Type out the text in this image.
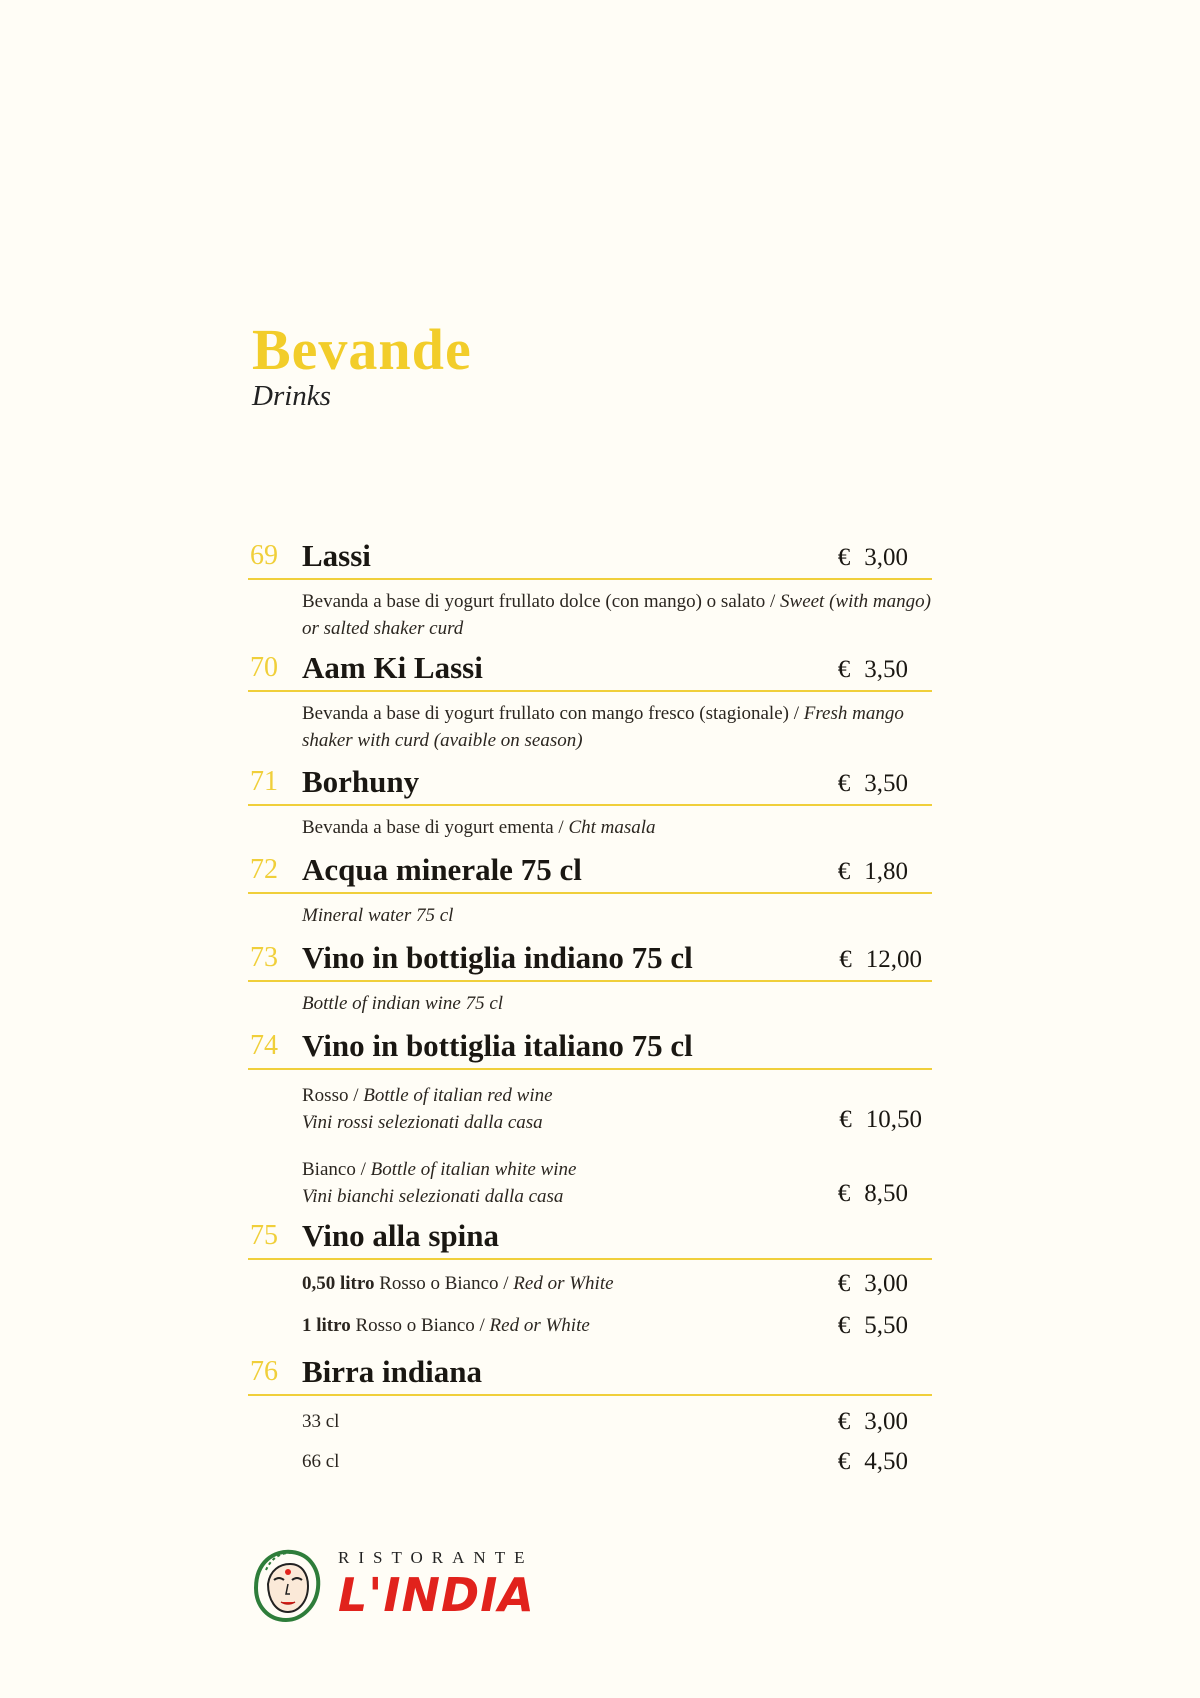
Bevande
Drinks
69 Lassi	€ 3,00
Bevanda a base di yogurt frullato dolce (con mango) o salato / Sweet (with mango) or salted shaker curd
70 Aam Ki Lassi	€ 3,50
Bevanda a base di yogurt frullato con mango fresco (stagionale) / Fresh mango shaker with curd (avaible on season)
71 Borhuny	€ 3,50
Bevanda a base di yogurt ementa / Cht masala
72 Acqua minerale 75 cl	€ 1,80
Mineral water 75 cl
73 Vino in bottiglia indiano 75 cl	€ 12,00
Bottle of indian wine 75 cl
74 Vino in bottiglia italiano 75 cl
Rosso / Bottle of italian red wine
Vini rossi selezionati dalla casa	€ 10,50
Bianco / Bottle of italian white wine
Vini bianchi selezionati dalla casa	€ 8,50
75 Vino alla spina
0,50 litro Rosso o Bianco / Red or White	€ 3,00
1 litro Rosso o Bianco / Red or White	€ 5,50
76 Birra indiana
33 cl	€ 3,00
66 cl	€ 4,50
RISTORANTE
L'INDIA
